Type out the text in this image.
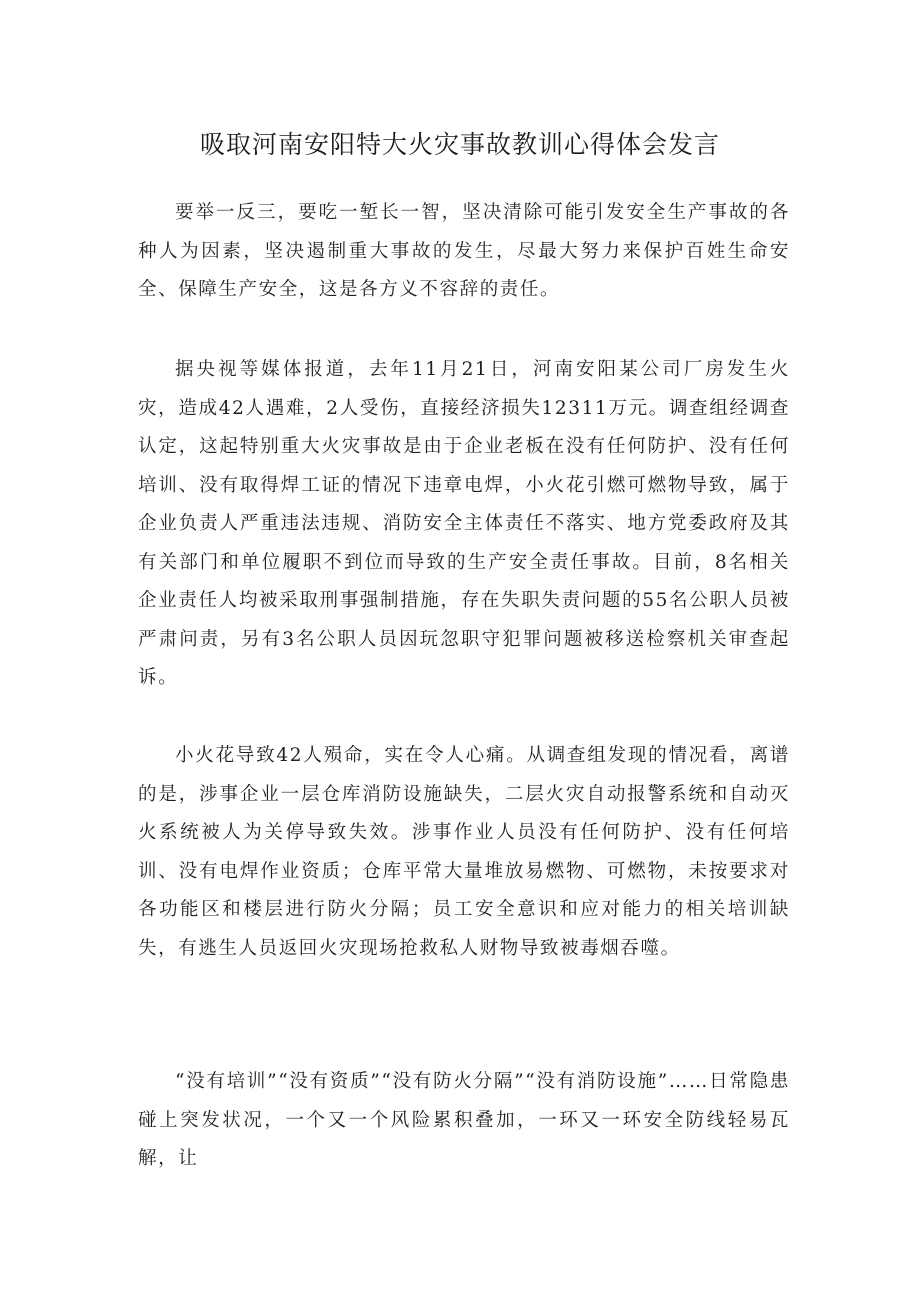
吸取河南安阳特大火灾事故教训心得体会发言

要举一反三，要吃一堑长一智，坚决清除可能引发安全生产事故的各种人为因素，坚决遏制重大事故的发生，尽最大努力来保护百姓生命安全、保障生产安全，这是各方义不容辞的责任。

据央视等媒体报道，去年11月21日，河南安阳某公司厂房发生火灾，造成42人遇难，2人受伤，直接经济损失12311万元。调查组经调查认定，这起特别重大火灾事故是由于企业老板在没有任何防护、没有任何培训、没有取得焊工证的情况下违章电焊，小火花引燃可燃物导致，属于企业负责人严重违法违规、消防安全主体责任不落实、地方党委政府及其有关部门和单位履职不到位而导致的生产安全责任事故。目前，8名相关企业责任人均被采取刑事强制措施，存在失职失责问题的55名公职人员被严肃问责，另有3名公职人员因玩忽职守犯罪问题被移送检察机关审查起诉。

小火花导致42人殒命，实在令人心痛。从调查组发现的情况看，离谱的是，涉事企业一层仓库消防设施缺失，二层火灾自动报警系统和自动灭火系统被人为关停导致失效。涉事作业人员没有任何防护、没有任何培训、没有电焊作业资质；仓库平常大量堆放易燃物、可燃物，未按要求对各功能区和楼层进行防火分隔；员工安全意识和应对能力的相关培训缺失，有逃生人员返回火灾现场抢救私人财物导致被毒烟吞噬。

“没有培训”“没有资质”“没有防火分隔”“没有消防设施”……日常隐患碰上突发状况，一个又一个风险累积叠加，一环又一环安全防线轻易瓦解，让
